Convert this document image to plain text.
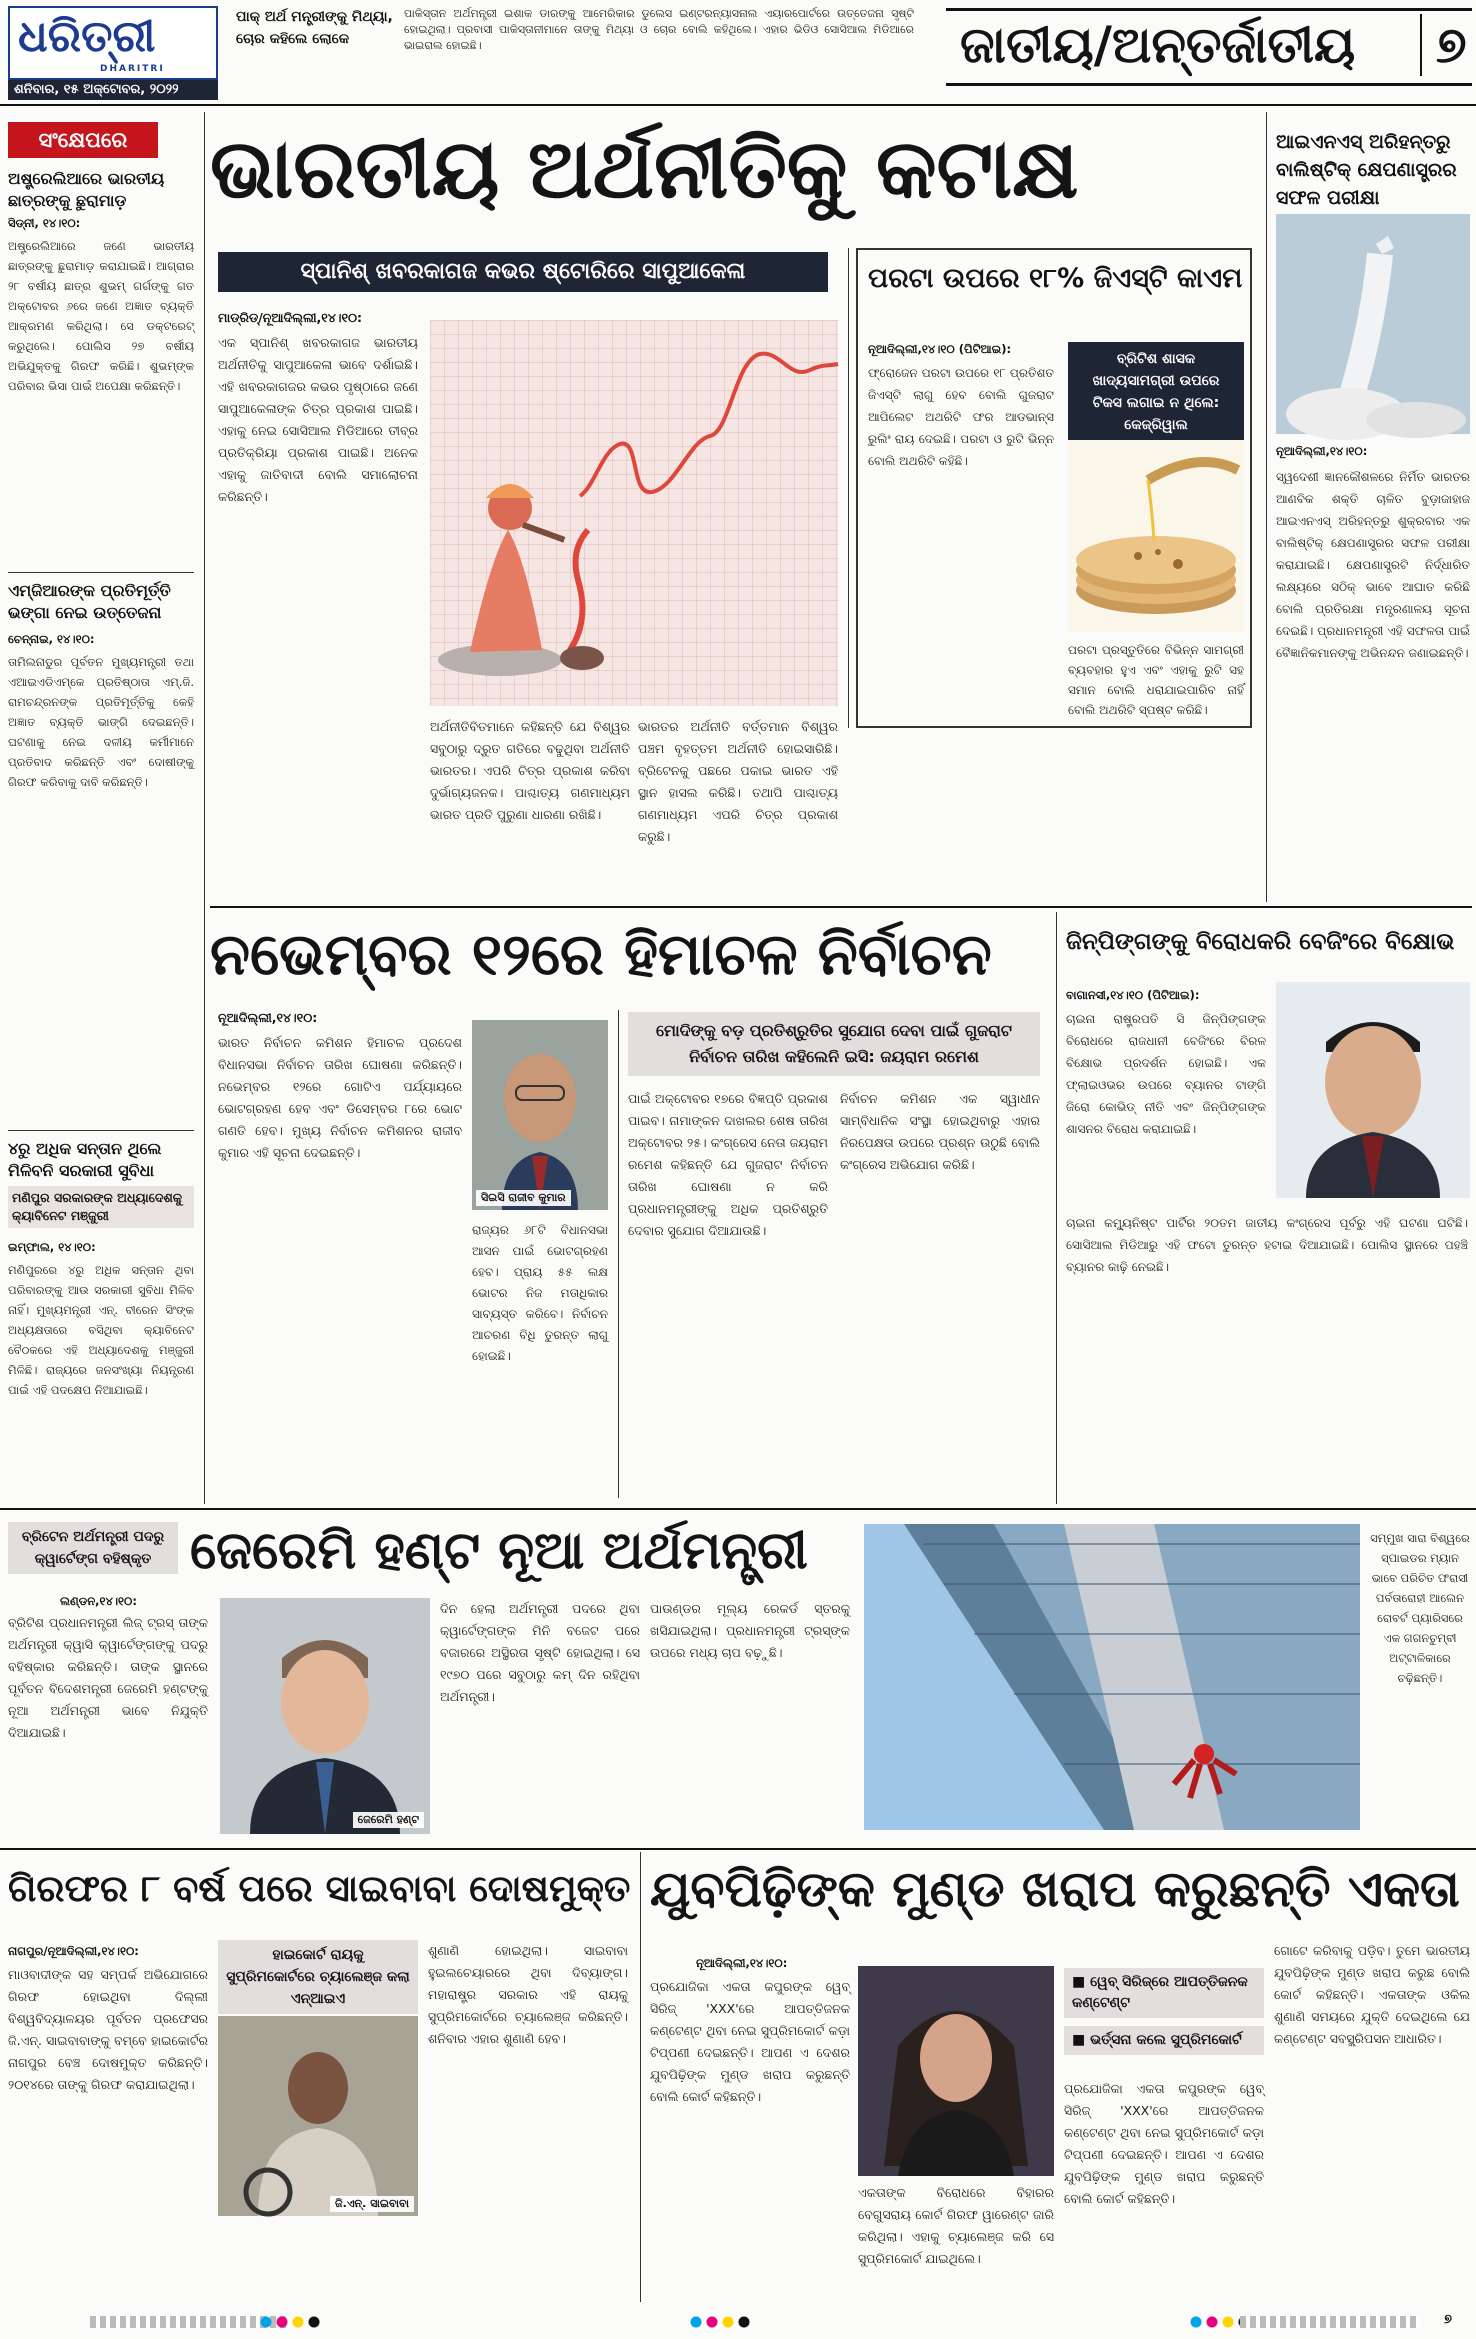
ଧରିତ୍ରୀ
DHARITRI
ଶନିବାର, ୧୫ ଅକ୍ଟୋବର, ୨୦୨୨
ପାକ୍ ଅର୍ଥ ମନ୍ତ୍ରୀଙ୍କୁ ମିଥ୍ୟା, ଚୋର କହିଲେ ଲୋକେ
ପାକିସ୍ତାନ ଅର୍ଥମନ୍ତ୍ରୀ ଇଶାକ ଡାରଙ୍କୁ ଆମେରିକାର ଡୁଲେସ ଇଣ୍ଟରନ୍ୟାସନାଲ ଏୟାରପୋର୍ଟରେ ଉତ୍ତେଜନା ସୃଷ୍ଟି ହୋଇଥିଲା। ପ୍ରବାସୀ ପାକିସ୍ତାନୀମାନେ ତାଙ୍କୁ ମିଥ୍ୟା ଓ ଚୋର ବୋଲି କହିଥିଲେ। ଏହାର ଭିଡିଓ ସୋସିଆଲ ମିଡିଆରେ ଭାଇରାଲ ହୋଇଛି।	ଜାତୀୟ/ଅନ୍ତର୍ଜାତୀୟ	୭
ସଂକ୍ଷେପରେ
ଅଷ୍ଟ୍ରେଲିଆରେ ଭାରତୀୟ ଛାତ୍ରଙ୍କୁ ଛୁରାମାଡ଼
ସିଡ୍‌ନୀ, ୧୪।୧୦:
ଅଷ୍ଟ୍ରେଲିଆରେ ଜଣେ ଭାରତୀୟ ଛାତ୍ରଙ୍କୁ ଛୁରାମାଡ଼ କରାଯାଇଛି। ଆଗ୍ରାର ୨୮ ବର୍ଷୀୟ ଛାତ୍ର ଶୁଭମ୍ ଗର୍ଗଙ୍କୁ ଗତ ଅକ୍ଟୋବର ୬ରେ ଜଣେ ଅଜ୍ଞାତ ବ୍ୟକ୍ତି ଆକ୍ରମଣ କରିଥିଲା। ସେ ଡକ୍ଟରେଟ୍ କରୁଥିଲେ। ପୋଲିସ ୨୭ ବର୍ଷୀୟ ଅଭିଯୁକ୍ତକୁ ଗିରଫ କରିଛି। ଶୁଭମ୍‌ଙ୍କ ପରିବାର ଭିସା ପାଇଁ ଅପେକ୍ଷା କରିଛନ୍ତି।
ଏମ୍‌ଜିଆରଙ୍କ ପ୍ରତିମୂର୍ତ୍ତି ଭଙ୍ଗା ନେଇ ଉତ୍ତେଜନା
ଚେନ୍ନାଇ, ୧୪।୧୦:
ତାମିଲନାଡୁର ପୂର୍ବତନ ମୁଖ୍ୟମନ୍ତ୍ରୀ ତଥା ଏଆଇଏଡିଏମ୍‌କେ ପ୍ରତିଷ୍ଠାତା ଏମ୍.ଜି. ରାମଚନ୍ଦ୍ରନଙ୍କ ପ୍ରତିମୂର୍ତ୍ତିକୁ କେହି ଅଜ୍ଞାତ ବ୍ୟକ୍ତି ଭାଙ୍ଗି ଦେଇଛନ୍ତି। ଘଟଣାକୁ ନେଇ ଦଳୀୟ କର୍ମୀମାନେ ପ୍ରତିବାଦ କରିଛନ୍ତି ଏବଂ ଦୋଷୀଙ୍କୁ ଗିରଫ କରିବାକୁ ଦାବି କରିଛନ୍ତି।
୪ରୁ ଅଧିକ ସନ୍ତାନ ଥିଲେ ମିଳିବନି ସରକାରୀ ସୁବିଧା
ମଣିପୁର ସରକାରଙ୍କ ଅଧ୍ୟାଦେଶକୁ କ୍ୟାବିନେଟ ମଞ୍ଜୁରୀ
ଇମ୍ଫାଲ, ୧୪।୧୦:
ମଣିପୁରରେ ୪ରୁ ଅଧିକ ସନ୍ତାନ ଥିବା ପରିବାରଙ୍କୁ ଆଉ ସରକାରୀ ସୁବିଧା ମିଳିବ ନାହିଁ। ମୁଖ୍ୟମନ୍ତ୍ରୀ ଏନ୍. ବୀରେନ ସିଂଙ୍କ ଅଧ୍ୟକ୍ଷତାରେ ବସିଥିବା କ୍ୟାବିନେଟ ବୈଠକରେ ଏହି ଅଧ୍ୟାଦେଶକୁ ମଞ୍ଜୁରୀ ମିଳିଛି। ରାଜ୍ୟରେ ଜନସଂଖ୍ୟା ନିୟନ୍ତ୍ରଣ ପାଇଁ ଏହି ପଦକ୍ଷେପ ନିଆଯାଇଛି।
ଭାରତୀୟ ଅର୍ଥନୀତିକୁ କଟାକ୍ଷ
ସ୍ପାନିଶ୍ ଖବରକାଗଜ କଭର ଷ୍ଟୋରିରେ ସାପୁଆକେଳା
ମାଡ୍ରିଡ୍/ନୂଆଦିଲ୍ଲୀ,୧୪।୧୦:
ଏକ ସ୍ପାନିଶ୍ ଖବରକାଗଜ ଭାରତୀୟ ଅର୍ଥନୀତିକୁ ସାପୁଆକେଳା ଭାବେ ଦର୍ଶାଇଛି। ଏହି ଖବରକାଗଜର କଭର ପୃଷ୍ଠାରେ ଜଣେ ସାପୁଆକେଳାଙ୍କ ଚିତ୍ର ପ୍ରକାଶ ପାଇଛି। ଏହାକୁ ନେଇ ସୋସିଆଲ ମିଡିଆରେ ତୀବ୍ର ପ୍ରତିକ୍ରିୟା ପ୍ରକାଶ ପାଇଛି। ଅନେକ ଏହାକୁ ଜାତିବାଦୀ ବୋଲି ସମାଲୋଚନା କରିଛନ୍ତି।
ଅର୍ଥନୀତିବିତମାନେ କହିଛନ୍ତି ଯେ ବିଶ୍ୱର ସବୁଠାରୁ ଦ୍ରୁତ ଗତିରେ ବଢୁଥିବା ଅର୍ଥନୀତି ଭାରତର। ଏପରି ଚିତ୍ର ପ୍ରକାଶ କରିବା ଦୁର୍ଭାଗ୍ୟଜନକ। ପାଶ୍ଚାତ୍ୟ ଗଣମାଧ୍ୟମ ଭାରତ ପ୍ରତି ପୁରୁଣା ଧାରଣା ରଖିଛି।
ଭାରତର ଅର୍ଥନୀତି ବର୍ତ୍ତମାନ ବିଶ୍ୱର ପଞ୍ଚମ ବୃହତ୍ତମ ଅର୍ଥନୀତି ହୋଇସାରିଛି। ବ୍ରିଟେନକୁ ପଛରେ ପକାଇ ଭାରତ ଏହି ସ୍ଥାନ ହାସଲ କରିଛି। ତଥାପି ପାଶ୍ଚାତ୍ୟ ଗଣମାଧ୍ୟମ ଏପରି ଚିତ୍ର ପ୍ରକାଶ କରୁଛି।
ପରଟା ଉପରେ ୧୮% ଜିଏସ୍‌ଟି କାଏମ
ନୂଆଦିଲ୍ଲୀ,୧୪।୧୦ (ପିଟିଆଇ):
ଫ୍ରୋଜେନ ପରଟା ଉପରେ ୧୮ ପ୍ରତିଶତ ଜିଏସ୍‌ଟି ଲାଗୁ ହେବ ବୋଲି ଗୁଜରାଟ ଆପିଲେଟ ଅଥରିଟି ଫର ଆଡଭାନ୍ସ ରୁଲିଂ ରାୟ ଦେଇଛି। ପରଟା ଓ ରୁଟି ଭିନ୍ନ ବୋଲି ଅଥରିଟି କହିଛି।
ବ୍ରିଟିଶ ଶାସକ ଖାଦ୍ୟସାମଗ୍ରୀ ଉପରେ ଟିକସ ଲଗାଇ ନ ଥିଲେ: କେଜ୍ରିୱାଲ
ପରଟା ପ୍ରସ୍ତୁତିରେ ବିଭିନ୍ନ ସାମଗ୍ରୀ ବ୍ୟବହାର ହୁଏ ଏବଂ ଏହାକୁ ରୁଟି ସହ ସମାନ ବୋଲି ଧରାଯାଇପାରିବ ନାହିଁ ବୋଲି ଅଥରିଟି ସ୍ପଷ୍ଟ କରିଛି।
ଆଇଏନଏସ୍ ଅରିହନ୍ତରୁ ବାଲିଷ୍ଟିକ୍ କ୍ଷେପଣାସ୍ତ୍ରର ସଫଳ ପରୀକ୍ଷା
ନୂଆଦିଲ୍ଲୀ,୧୪।୧୦:
ସ୍ୱଦେଶୀ ଜ୍ଞାନକୌଶଳରେ ନିର୍ମିତ ଭାରତର ଆଣବିକ ଶକ୍ତି ଚାଳିତ ବୁଡ଼ାଜାହାଜ ଆଇଏନଏସ୍ ଅରିହନ୍ତରୁ ଶୁକ୍ରବାର ଏକ ବାଲିଷ୍ଟିକ୍ କ୍ଷେପଣାସ୍ତ୍ରର ସଫଳ ପରୀକ୍ଷା କରାଯାଇଛି। କ୍ଷେପଣାସ୍ତ୍ରଟି ନିର୍ଦ୍ଧାରିତ ଲକ୍ଷ୍ୟରେ ସଠିକ୍ ଭାବେ ଆଘାତ କରିଛି ବୋଲି ପ୍ରତିରକ୍ଷା ମନ୍ତ୍ରଣାଳୟ ସୂଚନା ଦେଇଛି। ପ୍ରଧାନମନ୍ତ୍ରୀ ଏହି ସଫଳତା ପାଇଁ ବୈଜ୍ଞାନିକମାନଙ୍କୁ ଅଭିନନ୍ଦନ ଜଣାଇଛନ୍ତି।
ନଭେମ୍ବର ୧୨ରେ ହିମାଚଳ ନିର୍ବାଚନ
ନୂଆଦିଲ୍ଲୀ,୧୪।୧୦:
ସିଇସି ରାଜୀବ କୁମାର
ଭାରତ ନିର୍ବାଚନ କମିଶନ ହିମାଚଳ ପ୍ରଦେଶ ବିଧାନସଭା ନିର୍ବାଚନ ତାରିଖ ଘୋଷଣା କରିଛନ୍ତି। ନଭେମ୍ବର ୧୨ରେ ଗୋଟିଏ ପର୍ଯ୍ୟାୟରେ ଭୋଟଗ୍ରହଣ ହେବ ଏବଂ ଡିସେମ୍ବର ୮ରେ ଭୋଟ ଗଣତି ହେବ। ମୁଖ୍ୟ ନିର୍ବାଚନ କମିଶନର ରାଜୀବ କୁମାର ଏହି ସୂଚନା ଦେଇଛନ୍ତି।
ରାଜ୍ୟର ୬୮ଟି ବିଧାନସଭା ଆସନ ପାଇଁ ଭୋଟଗ୍ରହଣ ହେବ। ପ୍ରାୟ ୫୫ ଲକ୍ଷ ଭୋଟର ନିଜ ମତାଧିକାର ସାବ୍ୟସ୍ତ କରିବେ। ନିର୍ବାଚନ ଆଚରଣ ବିଧି ତୁରନ୍ତ ଲାଗୁ ହୋଇଛି।
ମୋଦିଙ୍କୁ ବଡ଼ ପ୍ରତିଶ୍ରୁତିର ସୁଯୋଗ ଦେବା ପାଇଁ ଗୁଜରାଟ ନିର୍ବାଚନ ତାରିଖ କହିଲେନି ଇସି: ଜୟରାମ ରମେଶ
ପାଇଁ ଅକ୍ଟୋବର ୧୭ରେ ବିଜ୍ଞପ୍ତି ପ୍ରକାଶ ପାଇବ। ନାମାଙ୍କନ ଦାଖଲର ଶେଷ ତାରିଖ ଅକ୍ଟୋବର ୨୫। କଂଗ୍ରେସ ନେତା ଜୟରାମ ରମେଶ କହିଛନ୍ତି ଯେ ଗୁଜରାଟ ନିର୍ବାଚନ ତାରିଖ ଘୋଷଣା ନ କରି ପ୍ରଧାନମନ୍ତ୍ରୀଙ୍କୁ ଅଧିକ ପ୍ରତିଶ୍ରୁତି ଦେବାର ସୁଯୋଗ ଦିଆଯାଉଛି।
ନିର୍ବାଚନ କମିଶନ ଏକ ସ୍ୱାଧୀନ ସାମ୍ବିଧାନିକ ସଂସ୍ଥା ହୋଇଥିବାରୁ ଏହାର ନିରପେକ୍ଷତା ଉପରେ ପ୍ରଶ୍ନ ଉଠୁଛି ବୋଲି କଂଗ୍ରେସ ଅଭିଯୋଗ କରିଛି।
ଜିନ୍‌ପିଙ୍ଗଙ୍କୁ ବିରୋଧକରି ବେଜିଂରେ ବିକ୍ଷୋଭ
ବାଗାନସୀ,୧୪।୧୦ (ପିଟିଆଇ):
ଚାଇନା ରାଷ୍ଟ୍ରପତି ସି ଜିନ୍‌ପିଙ୍ଗଙ୍କ ବିରୋଧରେ ରାଜଧାନୀ ବେଜିଂରେ ବିରଳ ବିକ୍ଷୋଭ ପ୍ରଦର୍ଶନ ହୋଇଛି। ଏକ ଫ୍ଲାଇଓଭର ଉପରେ ବ୍ୟାନର ଟାଙ୍ଗି ଜିରୋ କୋଭିଡ୍ ନୀତି ଏବଂ ଜିନ୍‌ପିଙ୍ଗଙ୍କ ଶାସନର ବିରୋଧ କରାଯାଇଛି।
ଚାଇନା କମ୍ୟୁନିଷ୍ଟ ପାର୍ଟିର ୨୦ତମ ଜାତୀୟ କଂଗ୍ରେସ ପୂର୍ବରୁ ଏହି ଘଟଣା ଘଟିଛି। ସୋସିଆଲ ମିଡିଆରୁ ଏହି ଫଟୋ ତୁରନ୍ତ ହଟାଇ ଦିଆଯାଇଛି। ପୋଲିସ ସ୍ଥାନରେ ପହଞ୍ଚି ବ୍ୟାନର କାଢ଼ି ନେଇଛି।
ବ୍ରିଟେନ ଅର୍ଥମନ୍ତ୍ରୀ ପଦରୁ କ୍ୱାର୍ଟେଙ୍ଗ ବହିଷ୍କୃତ ଜେରେମି ହଣ୍ଟ ନୂଆ ଅର୍ଥମନ୍ତ୍ରୀ
ଲଣ୍ଡନ,୧୪।୧୦:
ବ୍ରିଟିଶ ପ୍ରଧାନମନ୍ତ୍ରୀ ଲିଜ୍ ଟ୍ରସ୍ ତାଙ୍କ ଅର୍ଥମନ୍ତ୍ରୀ କ୍ୱାସି କ୍ୱାର୍ଟେଙ୍ଗଙ୍କୁ ପଦରୁ ବହିଷ୍କାର କରିଛନ୍ତି। ତାଙ୍କ ସ୍ଥାନରେ ପୂର୍ବତନ ବିଦେଶମନ୍ତ୍ରୀ ଜେରେମି ହଣ୍ଟଙ୍କୁ ନୂଆ ଅର୍ଥମନ୍ତ୍ରୀ ଭାବେ ନିଯୁକ୍ତି ଦିଆଯାଇଛି।
ଜେରେମି ହଣ୍ଟ
ଦିନ ହେଲା ଅର୍ଥମନ୍ତ୍ରୀ ପଦରେ ଥିବା କ୍ୱାର୍ଟେଙ୍ଗଙ୍କ ମିନି ବଜେଟ ପରେ ବଜାରରେ ଅସ୍ଥିରତା ସୃଷ୍ଟି ହୋଇଥିଲା। ସେ ୧୯୭୦ ପରେ ସବୁଠାରୁ କମ୍ ଦିନ ରହିଥିବା ଅର୍ଥମନ୍ତ୍ରୀ।
ପାଉଣ୍ଡର ମୂଲ୍ୟ ରେକର୍ଡ ସ୍ତରକୁ ଖସିଯାଇଥିଲା। ପ୍ରଧାନମନ୍ତ୍ରୀ ଟ୍ରସ୍‌ଙ୍କ ଉପରେ ମଧ୍ୟ ଚାପ ବଢ଼ୁଛି।
ସମ୍ମୁଖ ସାରା ବିଶ୍ୱରେ ସ୍ପାଇଡର ମ୍ୟାନ ଭାବେ ପରିଚିତ ଫରାସୀ ପର୍ବତାରୋହୀ ଆଲେନ ରୋବର୍ଟ ପ୍ୟାରିସରେ ଏକ ଗଗନଚୁମ୍ବୀ ଅଟ୍ଟାଳିକାରେ ଚଢ଼ିଛନ୍ତି।
ଗିରଫର ୮ ବର୍ଷ ପରେ ସାଇବାବା ଦୋଷମୁକ୍ତ
ନାଗପୁର/ନୂଆଦିଲ୍ଲୀ,୧୪।୧୦:
ମାଓବାଦୀଙ୍କ ସହ ସମ୍ପର୍କ ଅଭିଯୋଗରେ ଗିରଫ ହୋଇଥିବା ଦିଲ୍ଲୀ ବିଶ୍ୱବିଦ୍ୟାଳୟର ପୂର୍ବତନ ପ୍ରଫେସର ଜି.ଏନ୍. ସାଇବାବାଙ୍କୁ ବମ୍ବେ ହାଇକୋର୍ଟର ନାଗପୁର ବେଞ୍ଚ ଦୋଷମୁକ୍ତ କରିଛନ୍ତି। ୨୦୧୪ରେ ତାଙ୍କୁ ଗିରଫ କରାଯାଇଥିଲା।
ହାଇକୋର୍ଟ ରାୟକୁ ସୁପ୍ରିମକୋର୍ଟରେ ଚ୍ୟାଲେଞ୍ଜ କଲା ଏନ୍‌ଆଇଏ
ଜି.ଏନ୍. ସାଇବାବା
ଶୁଣାଣି ହୋଇଥିଲା। ସାଇବାବା ହୁଇଲଚେୟାରରେ ଥିବା ଦିବ୍ୟାଙ୍ଗ। ମହାରାଷ୍ଟ୍ର ସରକାର ଏହି ରାୟକୁ ସୁପ୍ରିମକୋର୍ଟରେ ଚ୍ୟାଲେଞ୍ଜ କରିଛନ୍ତି। ଶନିବାର ଏହାର ଶୁଣାଣି ହେବ।
ଯୁବପିଢ଼ିଙ୍କ ମୁଣ୍ଡ ଖରାପ କରୁଛନ୍ତି ଏକତା
ନୂଆଦିଲ୍ଲୀ,୧୪।୧୦:
ପ୍ରଯୋଜିକା ଏକତା କପୁରଙ୍କ ୱେବ୍ ସିରିଜ୍ 'XXX'ରେ ଆପତ୍ତିଜନକ କଣ୍ଟେଣ୍ଟ ଥିବା ନେଇ ସୁପ୍ରିମକୋର୍ଟ କଡ଼ା ଟିପ୍ପଣୀ ଦେଇଛନ୍ତି। ଆପଣ ଏ ଦେଶର ଯୁବପିଢ଼ିଙ୍କ ମୁଣ୍ଡ ଖରାପ କରୁଛନ୍ତି ବୋଲି କୋର୍ଟ କହିଛନ୍ତି।
■ ୱେବ୍ ସିରିଜ୍‌ରେ ଆପତ୍ତିଜନକ କଣ୍ଟେଣ୍ଟ
■ ଭର୍ତ୍ସନା କଲେ ସୁପ୍ରିମକୋର୍ଟ
ଏକତାଙ୍କ ବିରୋଧରେ ବିହାରର ବେଗୁସରାୟ କୋର୍ଟ ଗିରଫ ୱାରେଣ୍ଟ ଜାରି କରିଥିଲା। ଏହାକୁ ଚ୍ୟାଲେଞ୍ଜ କରି ସେ ସୁପ୍ରିମକୋର୍ଟ ଯାଇଥିଲେ।
ପ୍ରଯୋଜିକା ଏକତା କପୁରଙ୍କ ୱେବ୍ ସିରିଜ୍ 'XXX'ରେ ଆପତ୍ତିଜନକ କଣ୍ଟେଣ୍ଟ ଥିବା ନେଇ ସୁପ୍ରିମକୋର୍ଟ କଡ଼ା ଟିପ୍ପଣୀ ଦେଇଛନ୍ତି। ଆପଣ ଏ ଦେଶର ଯୁବପିଢ଼ିଙ୍କ ମୁଣ୍ଡ ଖରାପ କରୁଛନ୍ତି ବୋଲି କୋର୍ଟ କହିଛନ୍ତି।
ଗୋଟେ କରିବାକୁ ପଡ଼ିବ। ତୁମେ ଭାରତୀୟ ଯୁବପିଢ଼ିଙ୍କ ମୁଣ୍ଡ ଖରାପ କରୁଛ ବୋଲି କୋର୍ଟ କହିଛନ୍ତି। ଏକତାଙ୍କ ଓକିଲ ଶୁଣାଣି ସମୟରେ ଯୁକ୍ତି ଦେଇଥିଲେ ଯେ କଣ୍ଟେଣ୍ଟ ସବସ୍କ୍ରିପସନ ଆଧାରିତ।
୭
